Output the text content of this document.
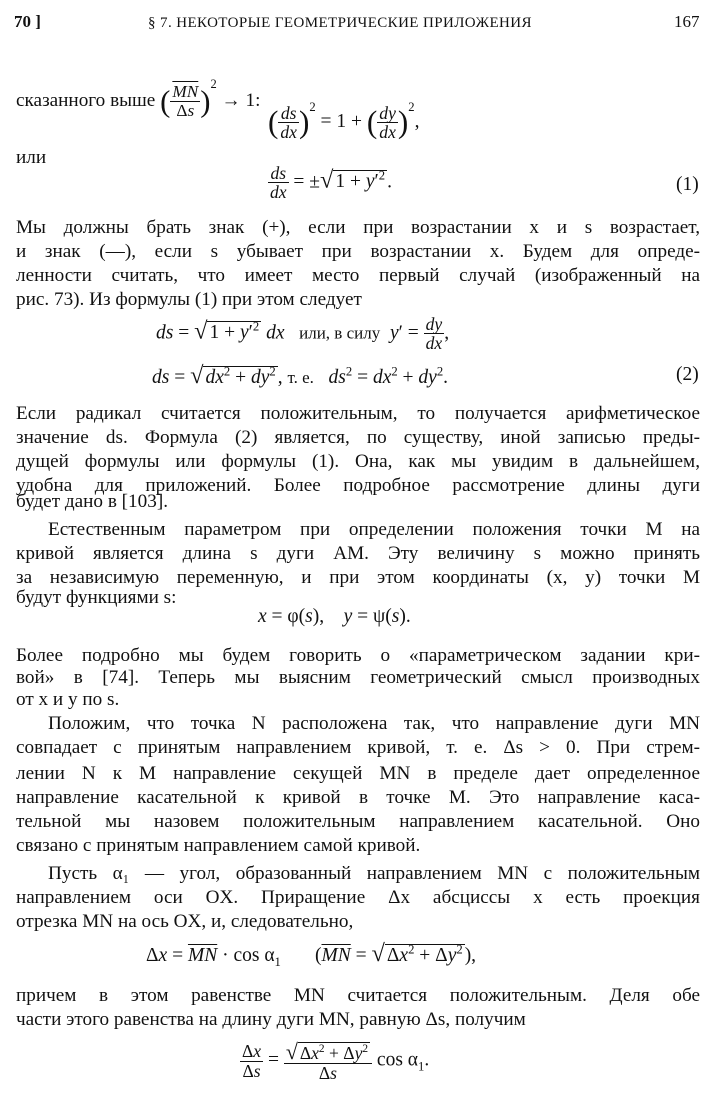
70 ]	§ 7. НЕКОТОРЫЕ ГЕОМЕТРИЧЕСКИЕ ПРИЛОЖЕНИЯ	167
сказанного выше ( $\frac{\overline{MN}}{\Delta s} )^2 \to 1$:
( $\frac{ds}{dx} )^2 = 1$ + ( $\frac{dy}{dx} )^2$,
или
$\frac{ds}{dx}$ = ±√ $1 + y'^2$ .	(1)
Мы должны брать знак (+), если при возрастании x и s возрастает,
и знак (—), если s убывает при возрастании x. Будем для опреде-
ленности считать, что имеет место первый случай (изображенный на
рис. 73). Из формулы (1) при этом следует
ds = √ $1 + y'^2$ dx или, в силу $y' = \frac{dy}{dx}$ ,
ds = √ $dx^2 + dy^2$ , т. е. $ds^2 = dx^2 + dy^2$.	(2)
Если радикал считается положительным, то получается арифметическое
значение ds. Формула (2) является, по существу, иной записью преды-
дущей формулы или формулы (1). Она, как мы увидим в дальнейшем,
удобна для приложений. Более подробное рассмотрение длины дуги
будет дано в [103].
Естественным параметром при определении положения точки M на
кривой является длина s дуги AM. Эту величину s можно принять
за независимую переменную, и при этом координаты (x, y) точки M
будут функциями s:
x = φ(s),    y = ψ(s).
Более подробно мы будем говорить о «параметрическом задании кри-
вой» в [74]. Теперь мы выясним геометрический смысл производных
от x и y по s.
Положим, что точка N расположена так, что направление дуги MN
совпадает с принятым направлением кривой, т. е. Δs > 0. При стрем-
лении N к M направление секущей MN в пределе дает определенное
направление касательной к кривой в точке M. Это направление каса-
тельной мы назовем положительным направлением касательной. Оно
связано с принятым направлением самой кривой.
Пусть α₁ — угол, образованный направлением MN с положительным
направлением оси OX. Приращение Δx абсциссы x есть проекция
отрезка MN на ось OX, и, следовательно,
$\Delta x = \overline{MN} \cdot \cos \alpha_1$       ($\overline{MN}$ = √ $\Delta x^2 + \Delta y^2$ ),
причем в этом равенстве MN считается положительным. Деля обе
части этого равенства на длину дуги MN, равную Δs, получим
$\frac{\Delta x}{\Delta s} = \frac{√ \Delta x^2 + \Delta y^2}{\Delta s}$ $\cos \alpha_1$.
